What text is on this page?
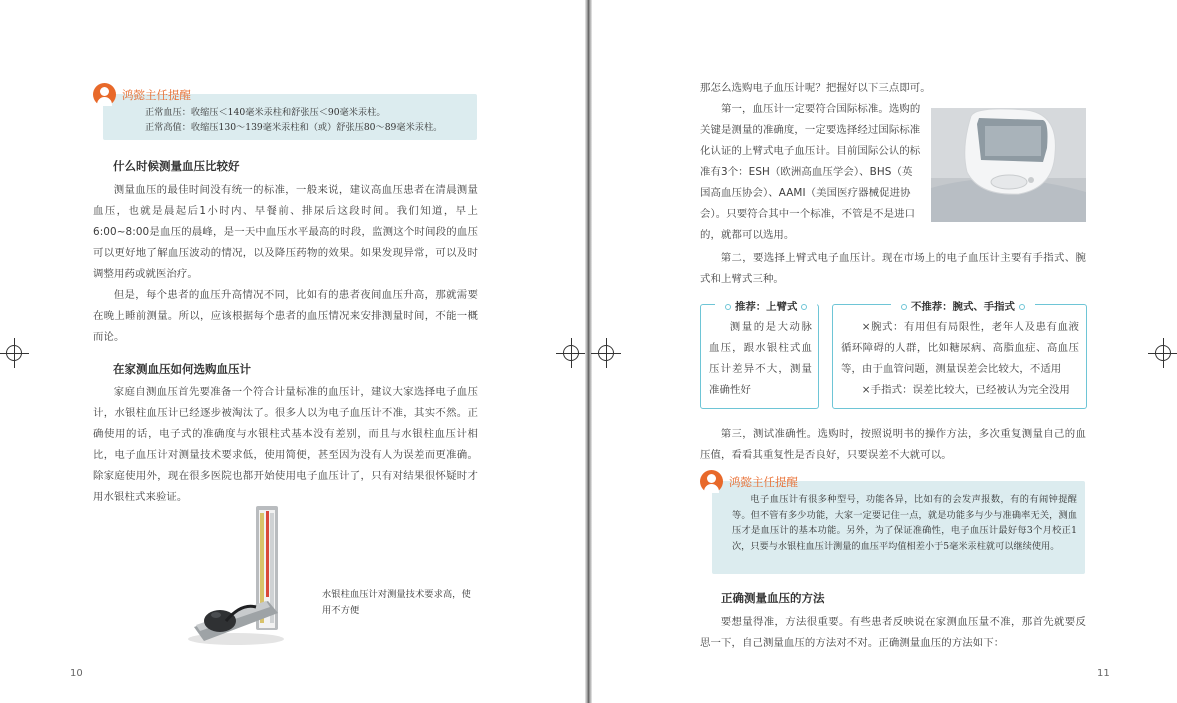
正常血压：收缩压＜140毫米汞柱和舒张压＜90毫米汞柱。
正常高值：收缩压130～139毫米汞柱和（或）舒张压80～89毫米汞柱。
鸿懿主任提醒
什么时候测量血压比较好

测量血压的最佳时间没有统一的标准，一般来说，建议高血压患者在清晨测量血压，也就是晨起后1小时内、早餐前、排尿后这段时间。我们知道，早上6:00~8:00是血压的晨峰，是一天中血压水平最高的时段，监测这个时间段的血压可以更好地了解血压波动的情况，以及降压药物的效果。如果发现异常，可以及时调整用药或就医治疗。

但是，每个患者的血压升高情况不同，比如有的患者夜间血压升高，那就需要在晚上睡前测量。所以，应该根据每个患者的血压情况来安排测量时间，不能一概而论。

在家测血压如何选购血压计

家庭自测血压首先要准备一个符合计量标准的血压计，建议大家选择电子血压计，水银柱血压计已经逐步被淘汰了。很多人以为电子血压计不准，其实不然。正确使用的话，电子式的准确度与水银柱式基本没有差别，而且与水银柱血压计相比，电子血压计对测量技术要求低，使用简便，甚至因为没有人为误差而更准确。除家庭使用外，现在很多医院也都开始使用电子血压计了，只有对结果很怀疑时才用水银柱式来验证。

水银柱血压计对测量技术要求高，使用不方便
10
那怎么选购电子血压计呢？把握好以下三点即可。
第一，血压计一定要符合国际标准。选购的
关键是测量的准确度，一定要选择经过国际标准
化认证的上臂式电子血压计。目前国际公认的标
准有3个：ESH（欧洲高血压学会）、BHS（英
国高血压协会）、AAMI（美国医疗器械促进协
会）。只要符合其中一个标准，不管是不是进口
的，就都可以选用。

第二，要选择上臂式电子血压计。现在市场上的电子血压计主要有手指式、腕式和上臂式三种。

推荐：上臂式

测量的是大动脉血压，跟水银柱式血压计差异不大，测量准确性好

不推荐：腕式、手指式

×腕式：有用但有局限性，老年人及患有血液循环障碍的人群，比如糖尿病、高脂血症、高血压等，由于血管问题，测量误差会比较大，不适用

×手指式：误差比较大，已经被认为完全没用

第三，测试准确性。选购时，按照说明书的操作方法，多次重复测量自己的血压值，看看其重复性是否良好，只要误差不大就可以。

电子血压计有很多种型号，功能各异，比如有的会发声报数，有的有闹钟提醒等。但不管有多少功能，大家一定要记住一点，就是功能多与少与准确率无关，测血压才是血压计的基本功能。另外，为了保证准确性，电子血压计最好每3个月校正1次，只要与水银柱血压计测量的血压平均值相差小于5毫米汞柱就可以继续使用。
鸿懿主任提醒
正确测量血压的方法

要想量得准，方法很重要。有些患者反映说在家测血压量不准，那首先就要反思一下，自己测量血压的方法对不对。正确测量血压的方法如下：

11
